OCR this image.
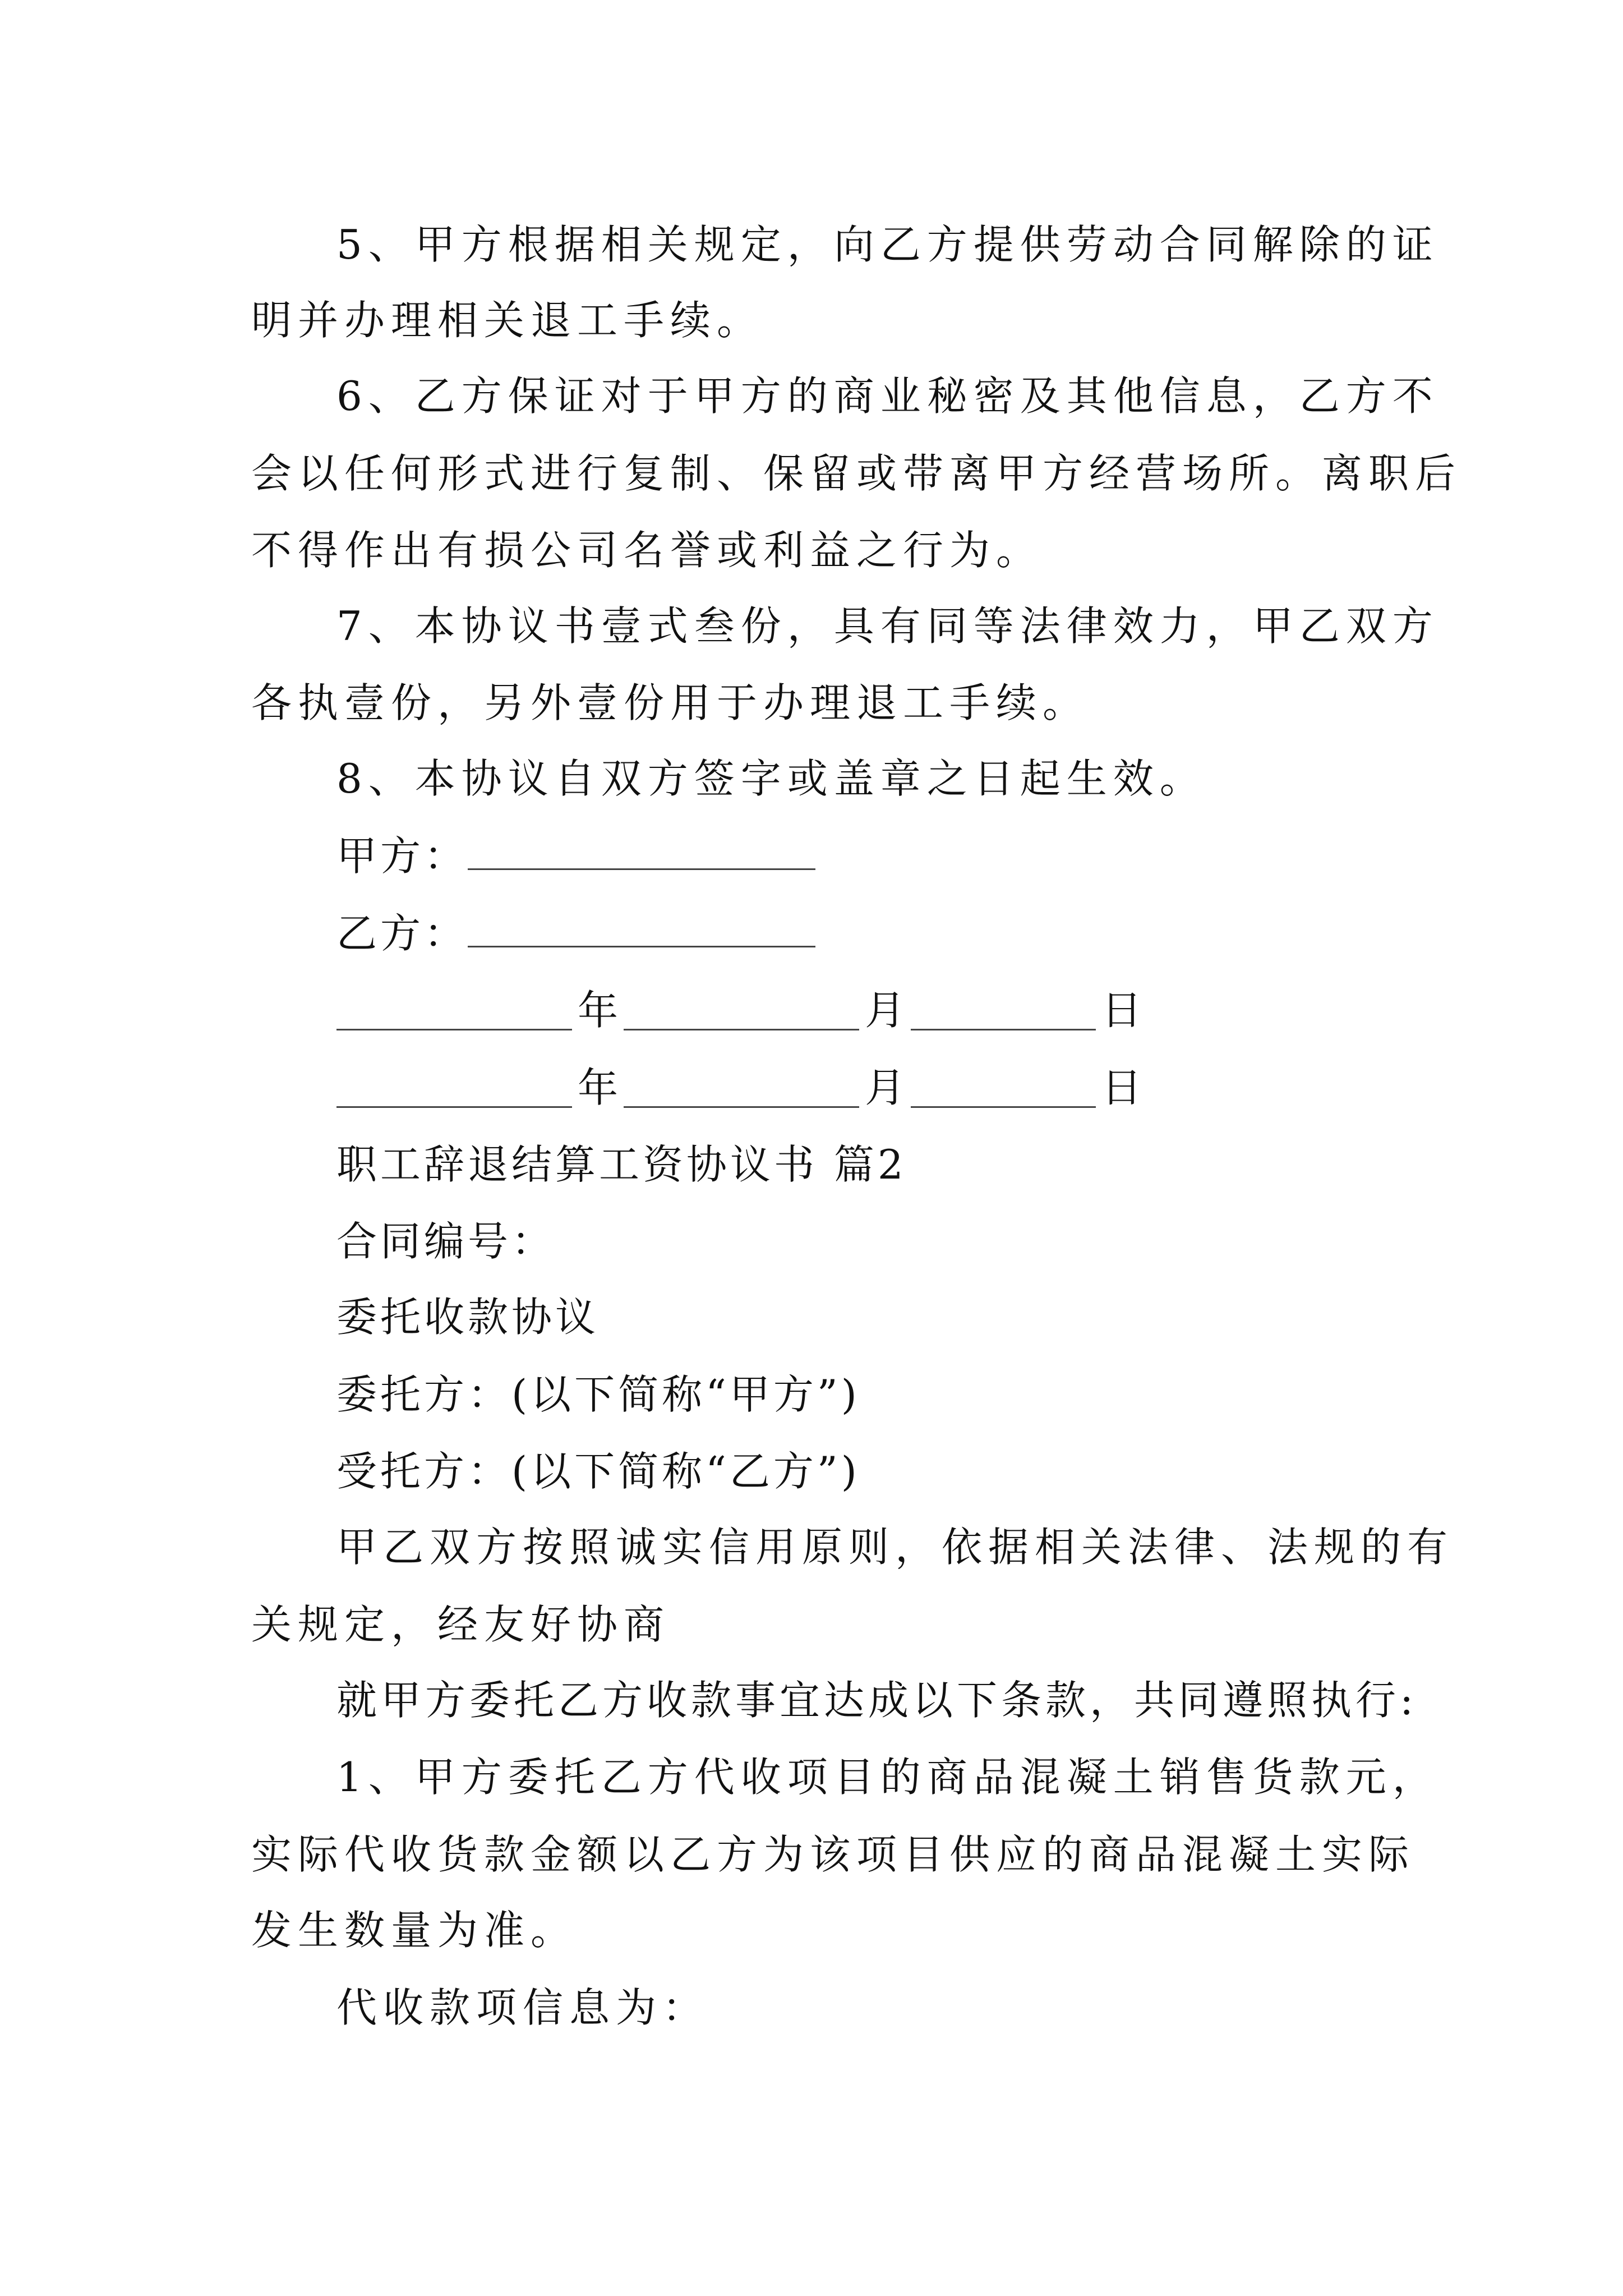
5、甲方根据相关规定，向乙方提供劳动合同解除的证
明并办理相关退工手续。
6、乙方保证对于甲方的商业秘密及其他信息，乙方不
会以任何形式进行复制、保留或带离甲方经营场所。离职后
不得作出有损公司名誉或利益之行为。
7、本协议书壹式叁份，具有同等法律效力，甲乙双方
各执壹份，另外壹份用于办理退工手续。
8、本协议自双方签字或盖章之日起生效。
甲方：
乙方：
年	月	日
年	月	日
职工辞退结算工资协议书 篇2
合同编号：
委托收款协议
委托方：(以下简称“甲方”)
受托方：(以下简称“乙方”)
甲乙双方按照诚实信用原则，依据相关法律、法规的有
关规定，经友好协商
就甲方委托乙方收款事宜达成以下条款，共同遵照执行:
1、甲方委托乙方代收项目的商品混凝土销售货款元，
实际代收货款金额以乙方为该项目供应的商品混凝土实际
发生数量为准。
代收款项信息为：
